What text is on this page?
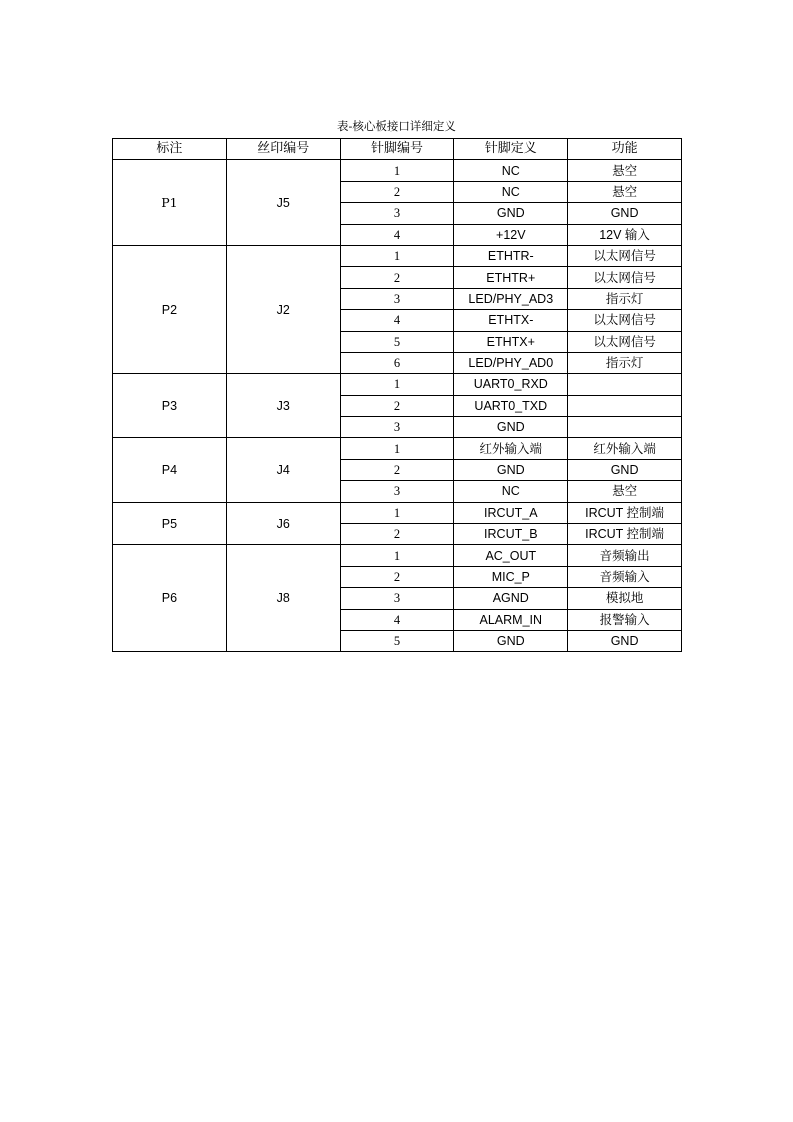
表-核心板接口详细定义
标注	丝印编号	针脚编号	针脚定义	功能
P1	J5	1	NC	悬空
		2	NC	悬空
		3	GND	GND
		4	+12V	12V 输入
P2	J2	1	ETHTR-	以太网信号
		2	ETHTR+	以太网信号
		3	LED/PHY_AD3	指示灯
		4	ETHTX-	以太网信号
		5	ETHTX+	以太网信号
		6	LED/PHY_AD0	指示灯
P3	J3	1	UART0_RXD	
		2	UART0_TXD	
		3	GND	
P4	J4	1	红外输入端	红外输入端
		2	GND	GND
		3	NC	悬空
P5	J6	1	IRCUT_A	IRCUT 控制端
		2	IRCUT_B	IRCUT 控制端
P6	J8	1	AC_OUT	音频输出
		2	MIC_P	音频输入
		3	AGND	模拟地
		4	ALARM_IN	报警输入
		5	GND	GND
